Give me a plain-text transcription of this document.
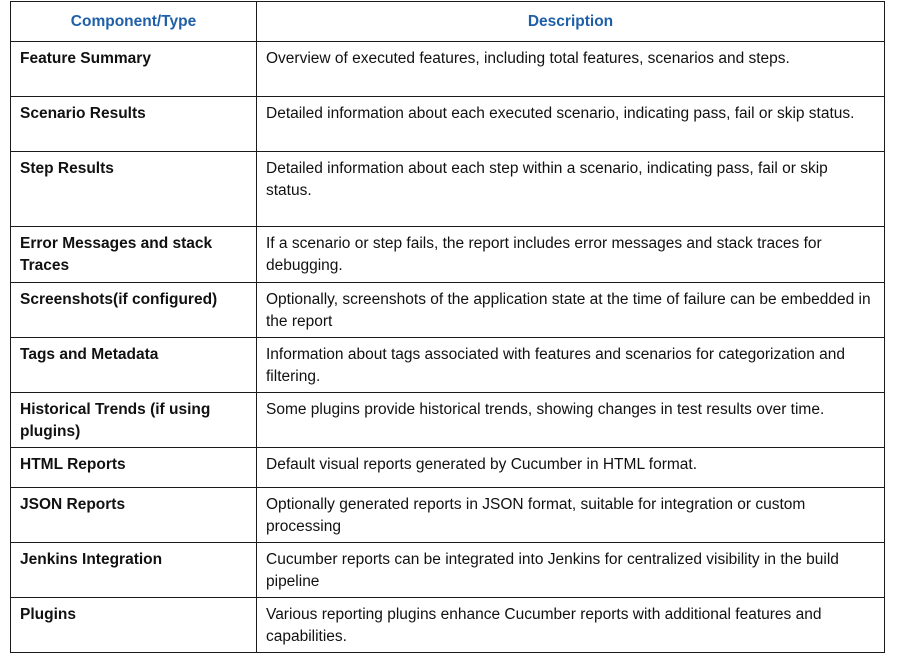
Component/Type	Description
Feature Summary	Overview of executed features, including total features, scenarios and steps.
Scenario Results	Detailed information about each executed scenario, indicating pass, fail or skip status.
Step Results	Detailed information about each step within a scenario, indicating pass, fail or skip status.
Error Messages and stack Traces	If a scenario or step fails, the report includes error messages and stack traces for debugging.
Screenshots(if configured)	Optionally, screenshots of the application state at the time of failure can be embedded in the report
Tags and Metadata	Information about tags associated with features and scenarios for categorization and filtering.
Historical Trends (if using plugins)	Some plugins provide historical trends, showing changes in test results over time.
HTML Reports	Default visual reports generated by Cucumber in HTML format.
JSON Reports	Optionally generated reports in JSON format, suitable for integration or custom processing
Jenkins Integration	Cucumber reports can be integrated into Jenkins for centralized visibility in the build pipeline
Plugins	Various reporting plugins enhance Cucumber reports with additional features and capabilities.
